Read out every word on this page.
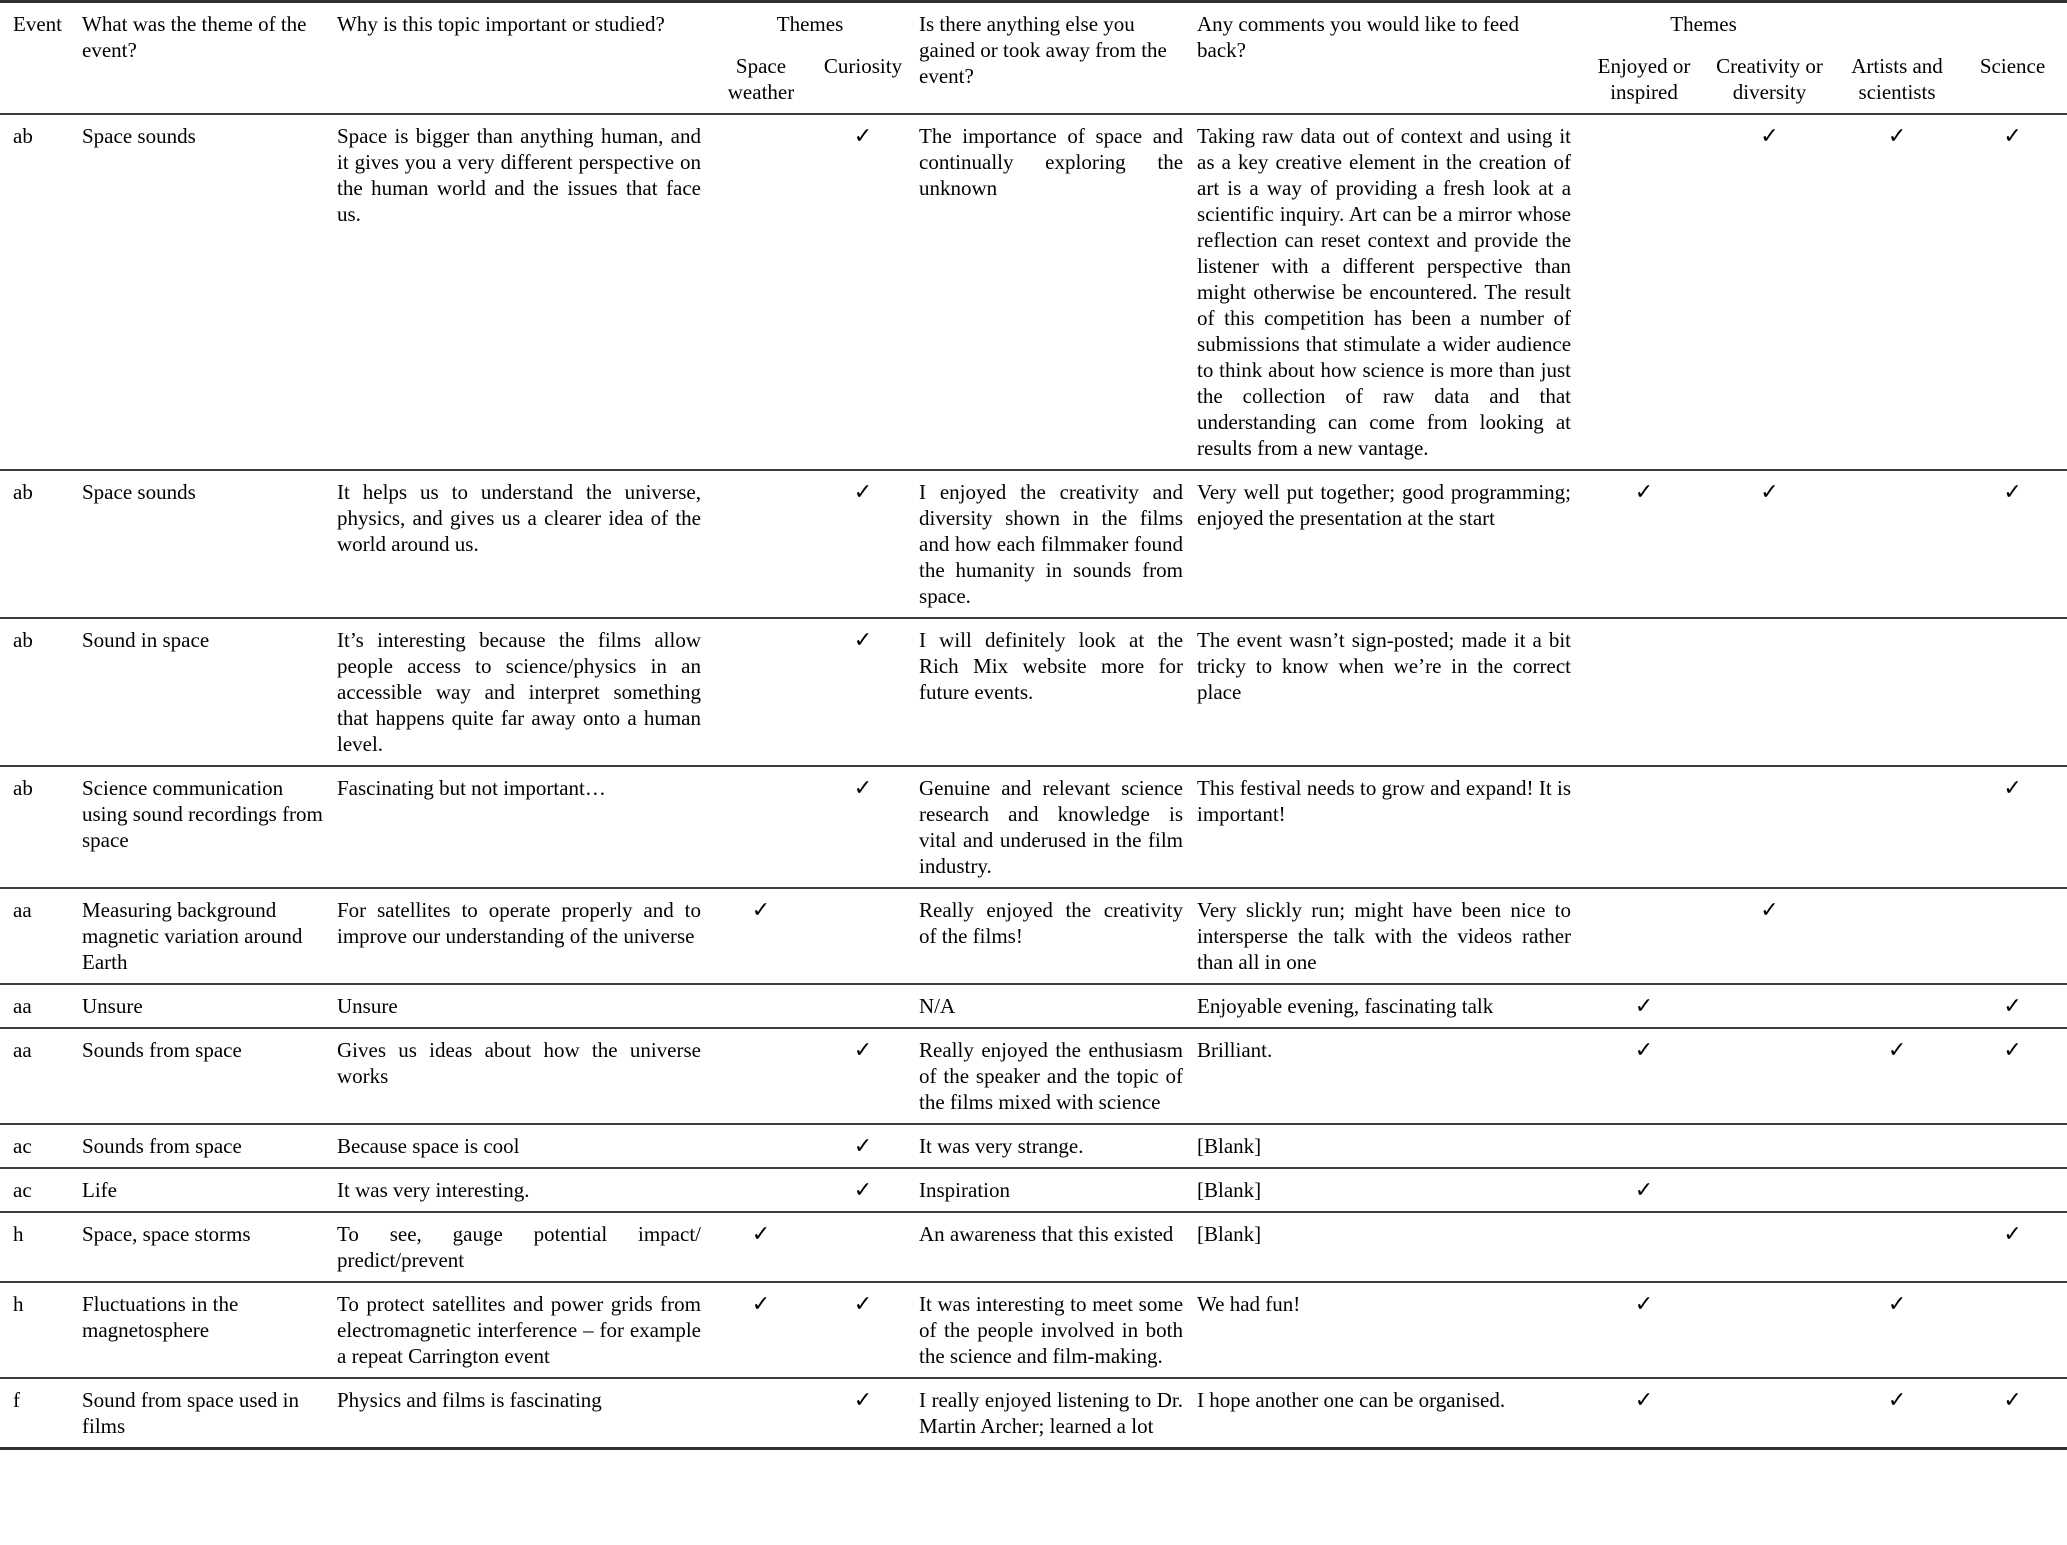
Event	What was the theme of the event?	Why is this topic important or studied?	Themes		Is there anything else you gained or took away from the event?	Any comments you would like to feed back?	Themes			
			Space weather	Curiosity			Enjoyed or inspired	Creativity or diversity	Artists and scientists	Science
ab	Space sounds	Space is bigger than anything human, and it gives you a very different perspective on the human world and the issues that face us.		✓	The importance of space and continually exploring the unknown	Taking raw data out of context and using it as a key creative element in the creation of art is a way of providing a fresh look at a scientific inquiry. Art can be a mirror whose reflection can reset context and provide the listener with a different perspective than might otherwise be encountered. The result of this competition has been a number of submissions that stimulate a wider audience to think about how science is more than just the collection of raw data and that understanding can come from looking at results from a new vantage.		✓	✓	✓
ab	Space sounds	It helps us to understand the universe, physics, and gives us a clearer idea of the world around us.		✓	I enjoyed the creativity and diversity shown in the films and how each filmmaker found the humanity in sounds from space.	Very well put together; good programming; enjoyed the presentation at the start	✓	✓		✓
ab	Sound in space	It’s interesting because the films allow people access to science/physics in an accessible way and interpret something that happens quite far away onto a human level.		✓	I will definitely look at the Rich Mix website more for future events.	The event wasn’t sign-posted; made it a bit tricky to know when we’re in the correct place				
ab	Science communication using sound recordings from space	Fascinating but not important…		✓	Genuine and relevant science research and knowledge is vital and underused in the film industry.	This festival needs to grow and expand! It is important!				✓
aa	Measuring background magnetic variation around Earth	For satellites to operate properly and to improve our understanding of the universe	✓		Really enjoyed the creativity of the films!	Very slickly run; might have been nice to intersperse the talk with the videos rather than all in one		✓		
aa	Unsure	Unsure			N/A	Enjoyable evening, fascinating talk	✓			✓
aa	Sounds from space	Gives us ideas about how the universe works		✓	Really enjoyed the enthusiasm of the speaker and the topic of the films mixed with science	Brilliant.	✓		✓	✓
ac	Sounds from space	Because space is cool		✓	It was very strange.	[Blank]				
ac	Life	It was very interesting.		✓	Inspiration	[Blank]	✓			
h	Space, space storms	To see, gauge potential impact/ predict/prevent	✓		An awareness that this existed	[Blank]				✓
h	Fluctuations in the magnetosphere	To protect satellites and power grids from electromagnetic interference – for example a repeat Carrington event	✓	✓	It was interesting to meet some of the people involved in both the science and film-making.	We had fun!	✓		✓	
f	Sound from space used in films	Physics and films is fascinating		✓	I really enjoyed listening to Dr. Martin Archer; learned a lot	I hope another one can be organised.	✓		✓	✓
